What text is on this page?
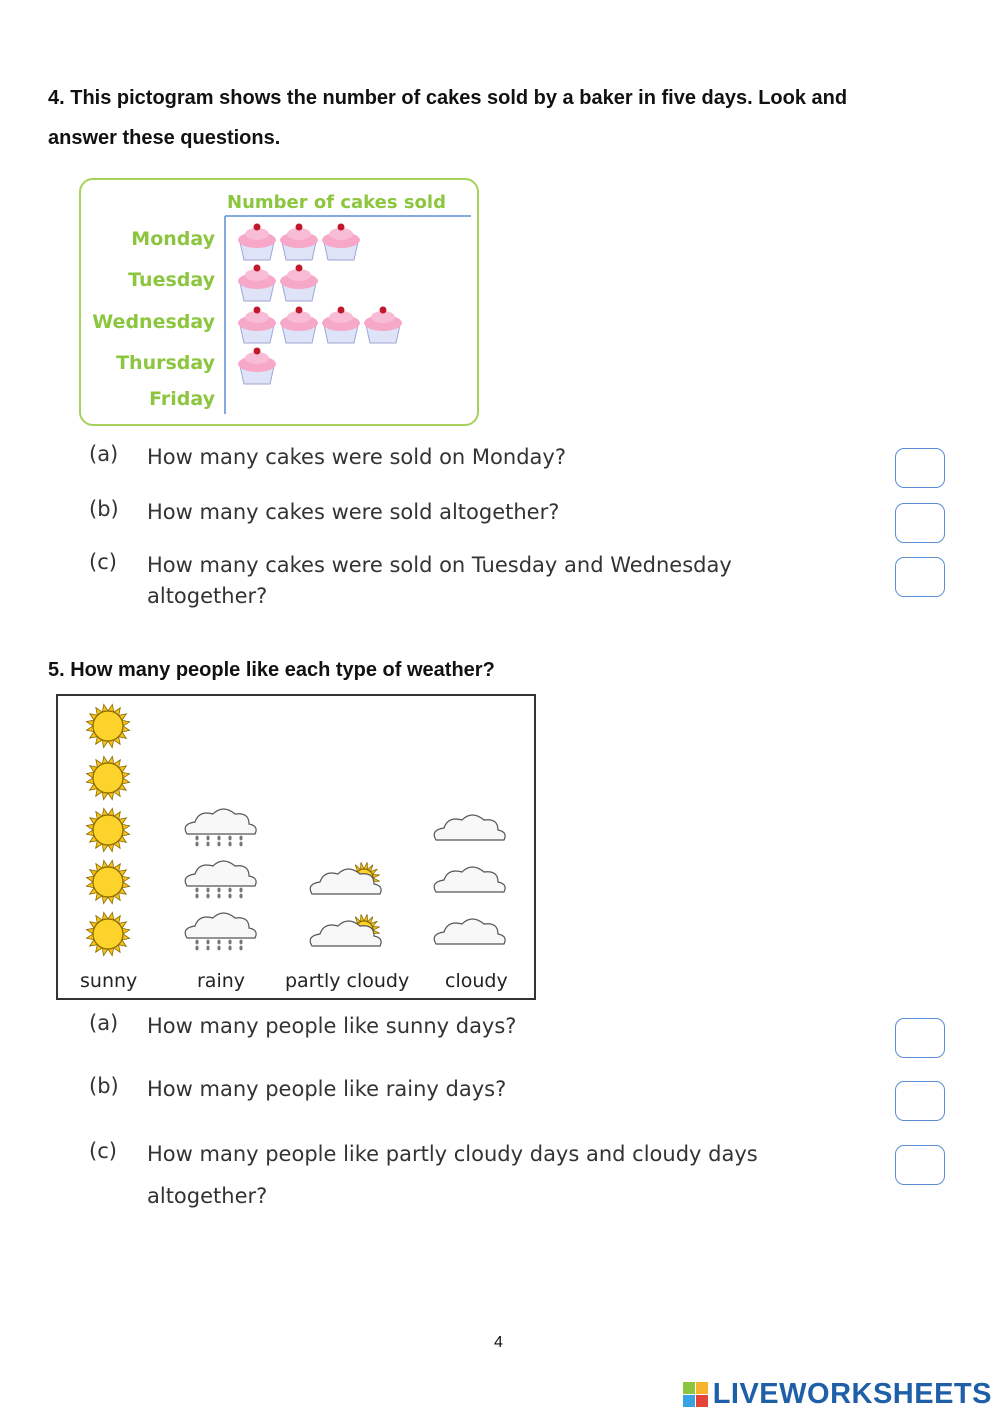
4. This pictogram shows the number of cakes sold by a baker in five days. Look and
answer these questions.
Number of cakes sold
Monday
Tuesday
Wednesday
Thursday
Friday
(a) How many cakes were sold on Monday?
(b) How many cakes were sold altogether?
(c) How many cakes were sold on Tuesday and Wednesday
altogether?
5. How many people like each type of weather?
sunny	rainy partly cloudy cloudy
(a) How many people like sunny days?
(b) How many people like rainy days?
(c) How many people like partly cloudy days and cloudy days
altogether?
4
LIVEWORKSHEETS
